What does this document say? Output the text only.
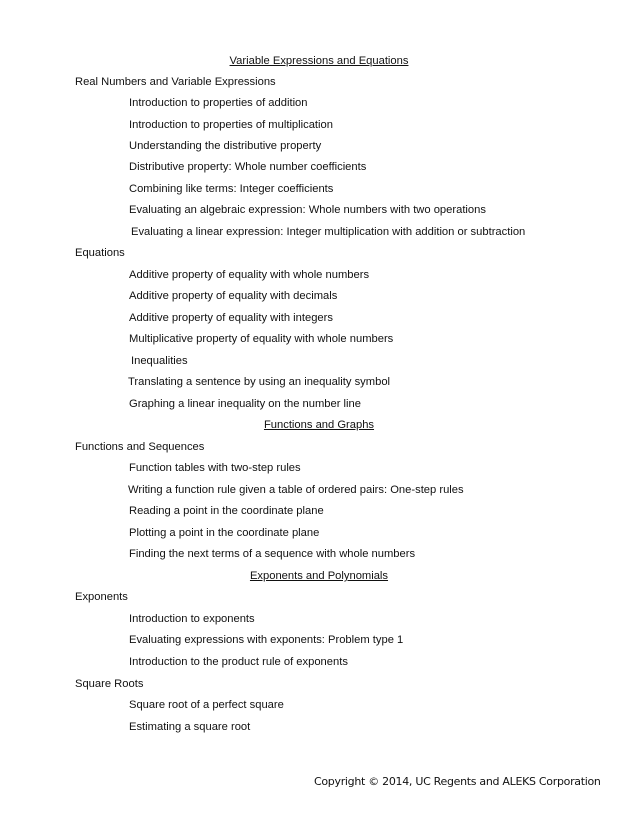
Variable Expressions and Equations
Real Numbers and Variable Expressions
Introduction to properties of addition
Introduction to properties of multiplication
Understanding the distributive property
Distributive property: Whole number coefficients
Combining like terms: Integer coefficients
Evaluating an algebraic expression: Whole numbers with two operations
Evaluating a linear expression: Integer multiplication with addition or subtraction
Equations
Additive property of equality with whole numbers
Additive property of equality with decimals
Additive property of equality with integers
Multiplicative property of equality with whole numbers
Inequalities
Translating a sentence by using an inequality symbol
Graphing a linear inequality on the number line
Functions and Graphs
Functions and Sequences
Function tables with two-step rules
Writing a function rule given a table of ordered pairs: One-step rules
Reading a point in the coordinate plane
Plotting a point in the coordinate plane
Finding the next terms of a sequence with whole numbers
Exponents and Polynomials
Exponents
Introduction to exponents
Evaluating expressions with exponents: Problem type 1
Introduction to the product rule of exponents
Square Roots
Square root of a perfect square
Estimating a square root
Copyright © 2014, UC Regents and ALEKS Corporation
